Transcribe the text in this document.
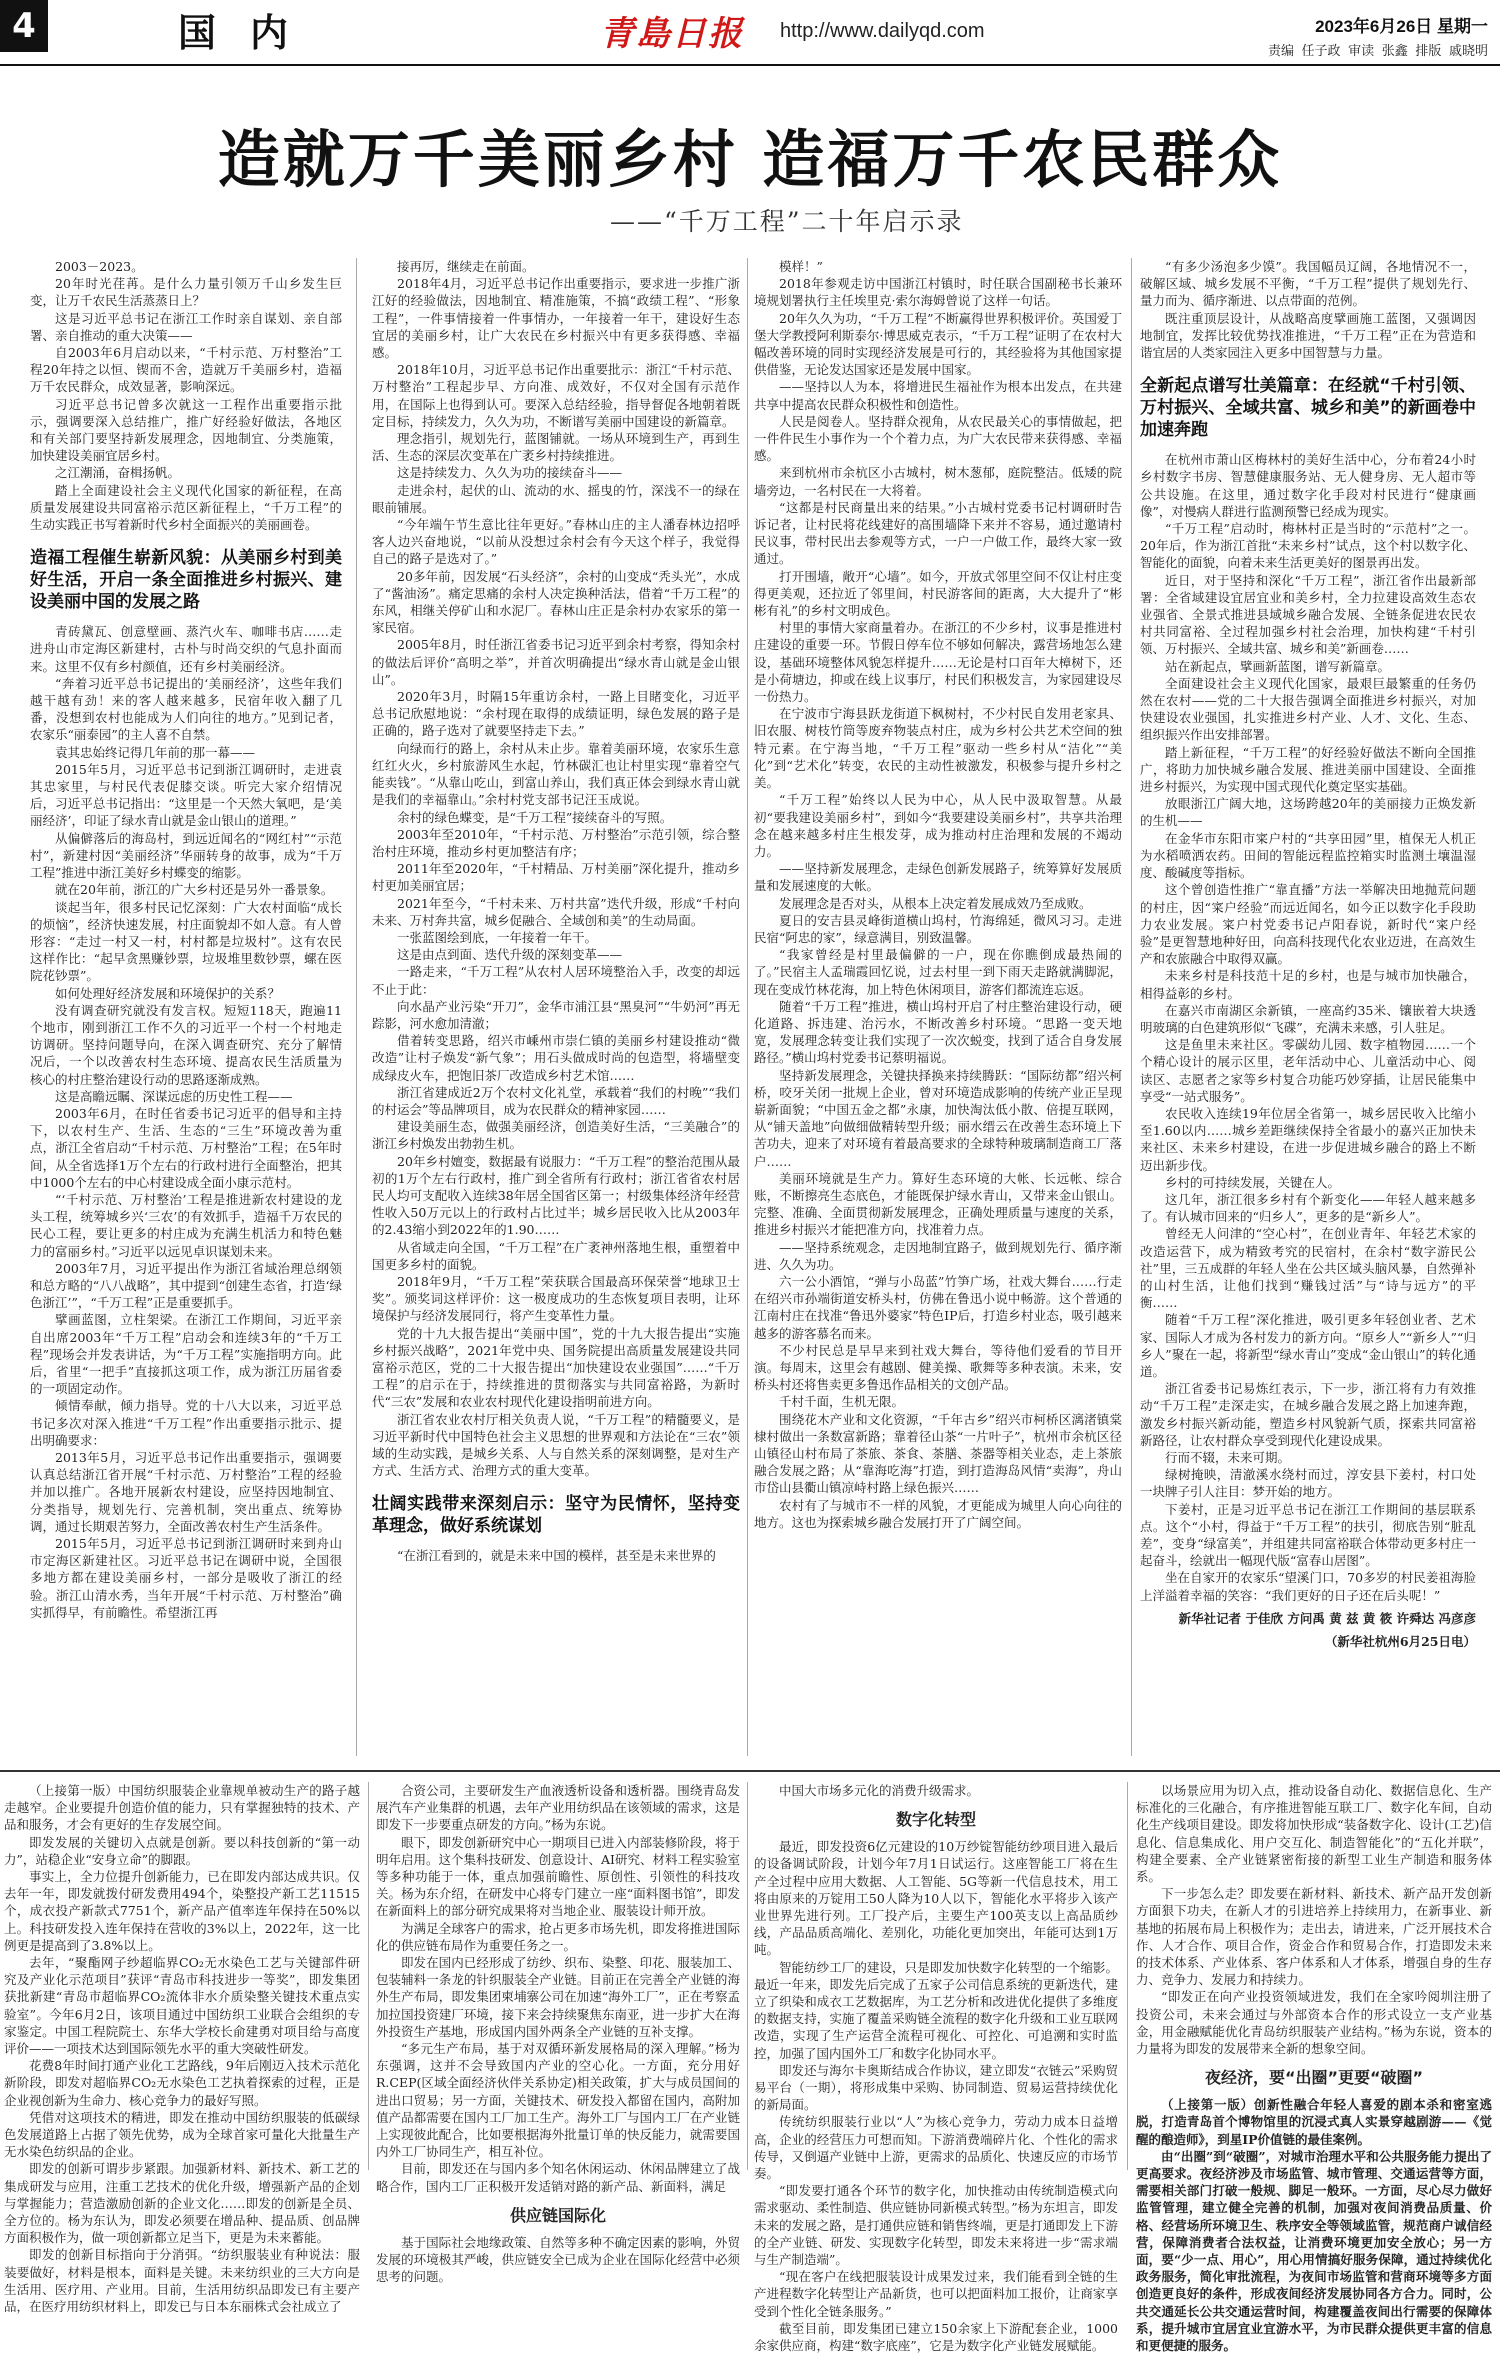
4	国内	青島日报 http://www.dailyqd.com	2023年6月26日 星期一
责编 任子政 审读 张鑫 排版 戚晓明
造就万千美丽乡村 造福万千农民群众
——“千万工程”二十年启示录

2003－2023。

20年时光荏苒。是什么力量引领万千山乡发生巨变，让万千农民生活蒸蒸日上？

这是习近平总书记在浙江工作时亲自谋划、亲自部署、亲自推动的重大决策——

自2003年6月启动以来，“千村示范、万村整治”工程20年持之以恒、锲而不舍，造就万千美丽乡村，造福万千农民群众，成效显著，影响深远。

习近平总书记曾多次就这一工程作出重要指示批示，强调要深入总结推广，推广好经验好做法，各地区和有关部门要坚持新发展理念，因地制宜、分类施策，加快建设美丽宜居乡村。

之江潮涌，奋楫扬帆。

踏上全面建设社会主义现代化国家的新征程，在高质量发展建设共同富裕示范区新征程上，“千万工程”的生动实践正书写着新时代乡村全面振兴的美丽画卷。

造福工程催生崭新风貌：从美丽乡村到美好生活，开启一条全面推进乡村振兴、建设美丽中国的发展之路

青砖黛瓦、创意壁画、蒸汽火车、咖啡书店……走进舟山市定海区新建村，古朴与时尚交织的气息扑面而来。这里不仅有乡村颜值，还有乡村美丽经济。

“奔着习近平总书记提出的‘美丽经济’，这些年我们越干越有劲！来的客人越来越多，民宿年收入翻了几番，没想到农村也能成为人们向往的地方。”见到记者，农家乐“丽泰园”的主人喜不自禁。

袁其忠始终记得几年前的那一幕——

2015年5月，习近平总书记到浙江调研时，走进袁其忠家里，与村民代表促膝交谈。听完大家介绍情况后，习近平总书记指出：“这里是一个天然大氧吧，是‘美丽经济’，印证了绿水青山就是金山银山的道理。”

从偏僻落后的海岛村，到远近闻名的“网红村”“示范村”，新建村因“美丽经济”华丽转身的故事，成为“千万工程”推进中浙江美好乡村蝶变的缩影。

就在20年前，浙江的广大乡村还是另外一番景象。

谈起当年，很多村民记忆深刻：广大农村面临“成长的烦恼”，经济快速发展，村庄面貌却不如人意。有人曾形容：“走过一村又一村，村村都是垃圾村”。这有农民这样作比：“起早贪黑赚钞票，垃圾堆里数钞票，螺在医院花钞票”。

如何处理好经济发展和环境保护的关系？

没有调查研究就没有发言权。短短118天，跑遍11个地市，刚到浙江工作不久的习近平一个村一个村地走访调研。坚持问题导向，在深入调查研究、充分了解情况后，一个以改善农村生态环境、提高农民生活质量为核心的村庄整治建设行动的思路逐渐成熟。

这是高瞻远瞩、深谋远虑的历史性工程——

2003年6月，在时任省委书记习近平的倡导和主持下，以农村生产、生活、生态的“三生”环境改善为重点，浙江全省启动“千村示范、万村整治”工程；在5年时间，从全省选择1万个左右的行政村进行全面整治，把其中1000个左右的中心村建设成全面小康示范村。

“‘千村示范、万村整治’工程是推进新农村建设的龙头工程，统筹城乡兴‘三农’的有效抓手，造福千万农民的民心工程，要让更多的村庄成为充满生机活力和特色魅力的富丽乡村。”习近平以远见卓识谋划未来。

2003年7月，习近平提出作为浙江省域治理总纲领和总方略的“八八战略”，其中提到“创建生态省，打造‘绿色浙江’”，“千万工程”正是重要抓手。

擘画蓝图，立柱架梁。在浙江工作期间，习近平亲自出席2003年“千万工程”启动会和连续3年的“千万工程”现场会并发表讲话，为“千万工程”实施指明方向。此后，省里“一把手”直接抓这项工作，成为浙江历届省委的一项固定动作。

倾情奉献，倾力指导。党的十八大以来，习近平总书记多次对深入推进“千万工程”作出重要指示批示、提出明确要求：

2013年5月，习近平总书记作出重要指示，强调要认真总结浙江省开展“千村示范、万村整治”工程的经验并加以推广。各地开展新农村建设，应坚持因地制宜、分类指导，规划先行、完善机制，突出重点、统筹协调，通过长期艰苦努力，全面改善农村生产生活条件。

2015年5月，习近平总书记到浙江调研时来到舟山市定海区新建社区。习近平总书记在调研中说，全国很多地方都在建设美丽乡村，一部分是吸收了浙江的经验。浙江山清水秀，当年开展“千村示范、万村整治”确实抓得早，有前瞻性。希望浙江再

接再厉，继续走在前面。

2018年4月，习近平总书记作出重要指示，要求进一步推广浙江好的经验做法，因地制宜、精准施策，不搞“政绩工程”、“形象工程”，一件事情接着一件事情办，一年接着一年干，建设好生态宜居的美丽乡村，让广大农民在乡村振兴中有更多获得感、幸福感。

2018年10月，习近平总书记作出重要批示：浙江“千村示范、万村整治”工程起步早、方向准、成效好，不仅对全国有示范作用，在国际上也得到认可。要深入总结经验，指导督促各地朝着既定目标，持续发力，久久为功，不断谱写美丽中国建设的新篇章。

理念指引，规划先行，蓝图铺就。一场从环境到生产，再到生活、生态的深层次变革在广袤乡村持续推进。

这是持续发力、久久为功的接续奋斗——

走进余村，起伏的山、流动的水、摇曳的竹，深浅不一的绿在眼前铺展。

“今年端午节生意比往年更好。”春林山庄的主人潘春林边招呼客人边兴奋地说，“以前从没想过余村会有今天这个样子，我觉得自己的路子是选对了。”

20多年前，因发展“石头经济”，余村的山变成“秃头光”，水成了“酱油汤”。痛定思痛的余村人决定换种活法，借着“千万工程”的东风，相继关停矿山和水泥厂。春林山庄正是余村办农家乐的第一家民宿。

2005年8月，时任浙江省委书记习近平到余村考察，得知余村的做法后评价“高明之举”，并首次明确提出“绿水青山就是金山银山”。

2020年3月，时隔15年重访余村，一路上目睹变化，习近平总书记欣慰地说：“余村现在取得的成绩证明，绿色发展的路子是正确的，路子选对了就要坚持走下去。”

向绿而行的路上，余村从未止步。靠着美丽环境，农家乐生意红红火火，乡村旅游风生水起，竹林碳汇也让村里实现“靠着空气能卖钱”。“从靠山吃山，到富山养山，我们真正体会到绿水青山就是我们的幸福靠山。”余村村党支部书记汪玉成说。

余村的绿色蝶变，是“千万工程”接续奋斗的写照。

2003年至2010年，“千村示范、万村整治”示范引领，综合整治村庄环境，推动乡村更加整洁有序；

2011年至2020年，“千村精品、万村美丽”深化提升，推动乡村更加美丽宜居；

2021年至今，“千村未来、万村共富”迭代升级，形成“千村向未来、万村奔共富，城乡促融合、全域创和美”的生动局面。

一张蓝图绘到底，一年接着一年干。

这是由点到面、迭代升级的深刻变革——

一路走来，“千万工程”从农村人居环境整治入手，改变的却远不止于此：

向水晶产业污染“开刀”，金华市浦江县“黑臭河”“牛奶河”再无踪影，河水愈加清澈；

借着转变思路，绍兴市嵊州市崇仁镇的美丽乡村建设推动“微改造”让村子焕发“新气象”；用石头做成时尚的包造型，将墙壁变成绿皮火车，把饱旧茶厂改造成乡村艺术馆……

浙江省建成近2万个农村文化礼堂，承载着“我们的村晚”“我们的村运会”等品牌项目，成为农民群众的精神家园……

建设美丽生态，做强美丽经济，创造美好生活，“三美融合”的浙江乡村焕发出勃勃生机。

20年乡村嬗变，数据最有说服力：“千万工程”的整治范围从最初的1万个左右行政村，推广到全省所有行政村；浙江省省农村居民人均可支配收入连续38年居全国省区第一；村级集体经济年经营性收入50万元以上的行政村占比过半；城乡居民收入比从2003年的2.43缩小到2022年的1.90……

从省域走向全国，“千万工程”在广袤神州落地生根，重塑着中国更多乡村的面貌。

2018年9月，“千万工程”荣获联合国最高环保荣誉“地球卫士奖”。颁奖词这样评价：这一极度成功的生态恢复项目表明，让环境保护与经济发展同行，将产生变革性力量。

党的十九大报告提出“美丽中国”，党的十九大报告提出“实施乡村振兴战略”，2021年党中央、国务院提出高质量发展建设共同富裕示范区，党的二十大报告提出“加快建设农业强国”……“千万工程”的启示在于，持续推进的贯彻落实与共同富裕路，为新时代“三农”发展和农业农村现代化建设指明前进方向。

浙江省农业农村厅相关负责人说，“千万工程”的精髓要义，是习近平新时代中国特色社会主义思想的世界观和方法论在“三农”领域的生动实践，是城乡关系、人与自然关系的深刻调整，是对生产方式、生活方式、治理方式的重大变革。

壮阔实践带来深刻启示：坚守为民情怀，坚持变革理念，做好系统谋划

“在浙江看到的，就是未来中国的模样，甚至是未来世界的

模样！”

2018年参观走访中国浙江村镇时，时任联合国副秘书长兼环境规划署执行主任埃里克·索尔海姆曾说了这样一句话。

20年久久为功，“千万工程”不断赢得世界积极评价。英国爱丁堡大学教授阿利斯泰尔·博思威克表示，“千万工程”证明了在农村大幅改善环境的同时实现经济发展是可行的，其经验将为其他国家提供借鉴，无论发达国家还是发展中国家。

——坚持以人为本，将增进民生福祉作为根本出发点，在共建共享中提高农民群众积极性和创造性。

人民是阅卷人。坚持群众视角，从农民最关心的事情做起，把一件件民生小事作为一个个着力点，为广大农民带来获得感、幸福感。

来到杭州市余杭区小古城村，树木葱郁，庭院整洁。低矮的院墙旁边，一名村民在一大将着。

“这都是村民商量出来的结果。”小古城村党委书记村调研时告诉记者，让村民将花线建好的高围墙降下来并不容易，通过邀请村民议事，带村民出去参观等方式，一户一户做工作，最终大家一致通过。

打开围墙，敞开“心墙”。如今，开放式邻里空间不仅让村庄变得更美观，还拉近了邻里间，村民游客间的距离，大大提升了“彬彬有礼”的乡村文明成色。

村里的事情大家商量着办。在浙江的不少乡村，议事是推进村庄建设的重要一环。节假日停车位不够如何解决，露营场地怎么建设，基础环境整体风貌怎样提升……无论是村口百年大樟树下，还是小荷塘边，抑或在线上议事厅，村民们积极发言，为家园建设尽一份热力。

在宁波市宁海县跃龙街道下枫树村，不少村民自发用老家具、旧农服、树枝竹筒等废弃物装点村庄，成为乡村公共艺术空间的独特元素。在宁海当地，“千万工程”驱动一些乡村从“洁化”“美化”到“艺术化”转变，农民的主动性被激发，积极参与提升乡村之美。

“千万工程”始终以人民为中心，从人民中汲取智慧。从最初“要我建设美丽乡村”，到如今“我要建设美丽乡村”，共享共治理念在越来越多村庄生根发芽，成为推动村庄治理和发展的不竭动力。

——坚持新发展理念，走绿色创新发展路子，统筹算好发展质量和发展速度的大帐。

发展理念是否对头，从根本上决定着发展成效乃至成败。

夏日的安吉县灵峰街道横山坞村，竹海绵延，微风习习。走进民宿“阿忠的家”，绿意满目，别致温馨。

“我家曾经是村里最偏僻的一户，现在你瞧倒成最热闹的了。”民宿主人孟瑞霞回忆说，过去村里一到下雨天走路就满脚泥，现在变成竹林花海，加上特色休闲项目，游客们都流连忘返。

随着“千万工程”推进，横山坞村开启了村庄整治建设行动，硬化道路、拆违建、治污水，不断改善乡村环境。“思路一变天地宽，发展理念转变让我们实现了一次次蜕变，找到了适合自身发展路径。”横山坞村党委书记蔡明福说。

坚持新发展理念，关键抉择换来持续腾跃：“国际纺都”绍兴柯桥，咬牙关闭一批规上企业，曾对环境造成影响的传统产业正呈现崭新面貌；“中国五金之都”永康，加快淘汰低小散、倍提互联网，从“铺天盖地”向做细做精转型升级；丽水缙云在改善生态环境上下苦功夫，迎来了对环境有着最高要求的全球特种玻璃制造商工厂落户……

美丽环境就是生产力。算好生态环境的大帐、长远帐、综合账，不断擦亮生态底色，才能既保护绿水青山，又带来金山银山。完整、准确、全面贯彻新发展理念，正确处理质量与速度的关系，推进乡村振兴才能把准方向，找准着力点。

——坚持系统观念，走因地制宜路子，做到规划先行、循序渐进、久久为功。

六一公小酒馆，“弹与小岛蓝”竹笋广场，社戏大舞台……行走在绍兴市孙端街道安桥头村，仿佛在鲁迅小说中畅游。这个普通的江南村庄在找准“鲁迅外婆家”特色IP后，打造乡村业态，吸引越来越多的游客慕名而来。

不少村民总是早早来到社戏大舞台，等待他们爱看的节目开演。每周末，这里会有越剧、健美操、歌舞等多种表演。未来，安桥头村还将售卖更多鲁迅作品相关的文创产品。

千村千面，生机无限。

围绕花木产业和文化资源，“千年古乡”绍兴市柯桥区漓渚镇棠棣村做出一条数富新路；靠着径山茶“一片叶子”，杭州市余杭区径山镇径山村布局了茶旅、茶食、茶膳、茶器等相关业态，走上茶旅融合发展之路；从“靠海吃海”打造，到打造海岛风情“卖海”，舟山市岱山县衢山镇凉峙村路上绿色振兴……

农村有了与城市不一样的风貌，才更能成为城里人向心向往的地方。这也为探索城乡融合发展打开了广阔空间。

“有多少汤泡多少馍”。我国幅员辽阔，各地情况不一，破解区域、城乡发展不平衡，“千万工程”提供了规划先行、量力而为、循序渐进、以点带面的范例。

既注重顶层设计，从战略高度擘画施工蓝图，又强调因地制宜，发挥比较优势找准推进，“千万工程”正在为营造和谐宜居的人类家园注入更多中国智慧与力量。

全新起点谱写壮美篇章：在经就“千村引领、万村振兴、全域共富、城乡和美”的新画卷中加速奔跑

在杭州市萧山区梅林村的美好生活中心，分布着24小时乡村数字书房、智慧健康服务站、无人健身房、无人超市等公共设施。在这里，通过数字化手段对村民进行“健康画像”，对慢病人群进行监测预警已经成为现实。

“千万工程”启动时，梅林村正是当时的“示范村”之一。20年后，作为浙江首批“未来乡村”试点，这个村以数字化、智能化的面貌，向着未来生活更美好的图景再出发。

近日，对于坚持和深化“千万工程”，浙江省作出最新部署：全省域建设宜居宜业和美乡村，全力拉建设高效生态农业强省、全景式推进县域城乡融合发展、全链条促进农民农村共同富裕、全过程加强乡村社会治理，加快构建“千村引领、万村振兴、全域共富、城乡和美”新画卷……

站在新起点，擘画新蓝图，谱写新篇章。

全面建设社会主义现代化国家，最艰巨最繁重的任务仍然在农村——党的二十大报告强调全面推进乡村振兴，对加快建设农业强国，扎实推进乡村产业、人才、文化、生态、组织振兴作出安排部署。

踏上新征程，“千万工程”的好经验好做法不断向全国推广，将助力加快城乡融合发展、推进美丽中国建设、全面推进乡村振兴，为实现中国式现代化奠定坚实基础。

放眼浙江广阔大地，这场跨越20年的美丽接力正焕发新的生机——

在金华市东阳市寀户村的“共享田园”里，植保无人机正为水稻喷洒农药。田间的智能远程监控箱实时监测土壤温湿度、酸碱度等指标。

这个曾创造性推广“靠直播”方法一举解决田地抛荒问题的村庄，因“寀户经验”而远近闻名，如今正以数字化手段助力农业发展。寀户村党委书记卢阳春说，新时代“寀户经验”是更智慧地种好田，向高科技现代化农业迈进，在高效生产和农旅融合中取得双赢。

未来乡村是科技范十足的乡村，也是与城市加快融合，相得益彰的乡村。

在嘉兴市南湖区余新镇，一座高约35米、镶嵌着大块透明玻璃的白色建筑形似“飞碟”，充满未来感，引人驻足。

这是鱼里未来社区。零碳幼儿园、数字植物园……一个个精心设计的展示区里，老年活动中心、儿童活动中心、阅读区、志愿者之家等乡村复合功能巧妙穿插，让居民能集中享受“一站式服务”。

农民收入连续19年位居全省第一，城乡居民收入比缩小至1.60以内……城乡差距继续保持全省最小的嘉兴正加快未来社区、未来乡村建设，在进一步促进城乡融合的路上不断迈出新步伐。

乡村的可持续发展，关键在人。

这几年，浙江很多乡村有个新变化——年轻人越来越多了。有认城市回来的“归乡人”，更多的是“新乡人”。

曾经无人问津的“空心村”，在创业青年、年轻艺术家的改造运营下，成为精致考究的民宿村，在余村“数字游民公社”里，三五成群的年轻人坐在公共区域头脑风暴，自然弹补的山村生活，让他们找到“赚钱过活”与“诗与远方”的平衡……

随着“千万工程”深化推进，吸引更多年轻创业者、艺术家、国际人才成为各村发力的新方向。“原乡人”“新乡人”“归乡人”聚在一起，将新型“绿水青山”变成“金山银山”的转化通道。

浙江省委书记易炼红表示，下一步，浙江将有力有效推动“千万工程”走深走实，在城乡融合发展之路上加速奔跑，激发乡村振兴新动能，塑造乡村风貌新气质，探索共同富裕新路径，让农村群众享受到现代化建设成果。

行而不辍，未来可期。

绿树掩映，清澈溪水绕村而过，淳安县下姜村，村口处一块牌子引人注目：梦开始的地方。

下姜村，正是习近平总书记在浙江工作期间的基层联系点。这个“小村，得益于“千万工程”的扶引，彻底告别“脏乱差”，变身“绿富美”，并组建共同富裕联合体带动更多村庄一起奋斗，绘就出一幅现代版“富春山居图”。

坐在自家开的农家乐“望溪门口，70多岁的村民姜祖海脸上洋溢着幸福的笑容：“我们更好的日子还在后头呢！”

新华社记者 于佳欣 方问禹 黄 兹 黄 筱 许舜达 冯彦彦

（新华社杭州6月25日电）

（上接第一版）中国纺织服装企业靠规单被动生产的路子越走越窄。企业要提升创造价值的能力，只有掌握独特的技术、产品和服务，才会有更好的生存发展空间。

即发发展的关键切入点就是创新。要以科技创新的“第一动力”，站稳企业“安身立命”的脚跟。

事实上，全力位提升创新能力，已在即发内部达成共识。仅去年一年，即发就拨付研发费用494个，染整投产新工艺11515个，成衣投产新款式7751个，新产品产值率连年保持在50%以上。科技研发投入连年保持在营收的3%以上，2022年，这一比例更是提高到了3.8%以上。

去年，“聚酯网子纱超临界CO₂无水染色工艺与关键部件研究及产业化示范项目”获评“青岛市科技进步一等奖”，即发集团获批新建“青岛市超临界CO₂流体非水介质染整关键技术重点实验室”。今年6月2日，该项目通过中国纺织工业联合会组织的专家鉴定。中国工程院院士、东华大学校长俞建勇对项目给与高度评价——一项技术达到国际领先水平的重大突破性研发。

花费8年时间打通产业化工艺路线，9年后刚迈入技术示范化新阶段，即发对超临界CO₂无水染色工艺执着探索的过程，正是企业视创新为生命力、核心竞争力的最好写照。

凭借对这项技术的精进，即发在推动中国纺织服装的低碳绿色发展道路上占据了领先优势，成为全球首家可量化大批量生产无水染色纺织品的企业。

即发的创新可谓步步紧跟。加强新材料、新技术、新工艺的集成研发与应用，注重工艺技术的优化升级，增强新产品的企划与掌握能力；营造激励创新的企业文化……即发的创新是全员、全方位的。杨为东认为，即发必须要在增品种、提品质、创品牌方面积极作为，做一项创新都立足当下，更是为未来蓄能。

即发的创新目标指向于分消弭。“纺织服装业有种说法：服装要做好，材料是根本，面料是关键。未来纺织业的三大方向是生活用、医疗用、产业用。目前，生活用纺织品即发已有主要产品，在医疗用纺织材料上，即发已与日本东丽株式会社成立了

合资公司，主要研发生产血液透析设备和透析器。围绕青岛发展汽车产业集群的机遇，去年产业用纺织品在该领域的需求，这是即发下一步要重点研发的方向。”杨为东说。

眼下，即发创新研究中心一期项目已进入内部装修阶段，将于明年启用。这个集科技研发、创意设计、AI研究、材料工程实验室等多种功能于一体，重点加强前瞻性、原创性、引领性的科技攻关。杨为东介绍，在研发中心将专门建立一座“面料图书馆”，即发在新面料上的部分研究成果将对当地企业、服装设计师开放。

为满足全球客户的需求，抢占更多市场先机，即发将推进国际化的供应链布局作为重要任务之一。

即发在国内已经形成了纺纱、织布、染整、印花、服装加工、包装辅料一条龙的针织服装全产业链。目前正在完善全产业链的海外生产布局，即发集团柬埔寨公司在加速“海外工厂”，正在考察孟加拉国投资建厂环境，接下来会持续聚焦东南亚，进一步扩大在海外投资生产基地，形成国内国外两条全产业链的互补支撑。

“多元生产布局，基于对双循环新发展格局的深入理解。”杨为东强调，这并不会导致国内产业的空心化。一方面，充分用好R.CEP(区域全面经济伙伴关系协定)相关政策，扩大与成员国间的进出口贸易；另一方面，关键技术、研发投入都留在国内，高附加值产品都需要在国内工厂加工生产。海外工厂与国内工厂在产业链上实现彼此配合，比如要根据海外批量订单的快反能力，就需要国内外工厂协同生产，相互补位。

目前，即发还在与国内多个知名休闲运动、休闲品牌建立了战略合作，国内工厂正积极开发适销对路的新产品、新面料，满足

供应链国际化

基于国际社会地缘政策、自然等多种不确定因素的影响，外贸发展的环境极其严峻，供应链安全已成为企业在国际化经营中必须思考的问题。

中国大市场多元化的消费升级需求。

数字化转型

最近，即发投资6亿元建设的10万纱锭智能纺纱项目进入最后的设备调试阶段，计划今年7月1日试运行。这座智能工厂将在生产全过程中应用大数据、人工智能、5G等新一代信息技术，用工将由原来的万锭用工50人降为10人以下，智能化水平将步入该产业世界先进行列。工厂投产后，主要生产100英支以上高品质纱线，产品品质高端化、差别化，功能化更加突出，年能可达到1万吨。

智能纺纱工厂的建设，只是即发加快数字化转型的一个缩影。最近一年来，即发先后完成了五家子公司信息系统的更新迭代，建立了织染和成衣工艺数据库，为工艺分析和改进优化提供了多维度的数据支持，实施了覆盖采购链全流程的数字化升级和工业互联网改造，实现了生产运营全流程可视化、可控化、可追溯和实时监控，加强了国内国外工厂和数字化协同水平。

即发还与海尔卡奥斯结成合作协议，建立即发“衣链云”采购贸易平台（一期），将形成集中采购、协同制造、贸易运营持续优化的新局面。

传统纺织服装行业以“人”为核心竞争力，劳动力成本日益增高，企业的经营压力可想而知。下游消费端碎片化、个性化的需求传导，又倒逼产业链中上游，更需求的品质化、快速反应的市场节奏。

“即发要打通各个环节的数字化，加快推动由传统制造模式向需求驱动、柔性制造、供应链协同新模式转型。”杨为东坦言，即发未来的发展之路，是打通供应链和销售终端，更是打通即发上下游的全产业链、研发、实现数字化转型，即发未来将进一步“需求端与生产制造端”。

“现在客户在线把服装设计成果发过来，我们能看到全链的生产进程数字化转型让产品新货，也可以把面料加工报价，让商家享受到个性化全链条服务。”

截至目前，即发集团已建立150余家上下游配套企业，1000余家供应商，构建“数字底座”，它是为数字化产业链发展赋能。

以场景应用为切入点，推动设备自动化、数据信息化、生产标准化的三化融合，有序推进智能互联工厂、数字化车间，自动化生产线项目建设。即发将加快形成“装备数字化、设计(工艺)信息化、信息集成化、用户交互化、制造智能化”的“五化并联”，构建全要素、全产业链紧密衔接的新型工业生产制造和服务体系。

下一步怎么走？即发要在新材料、新技术、新产品开发创新方面狠下功夫，在新人才的引进培养上持续用力，在新事业、新基地的拓展布局上积极作为；走出去，请进来，广泛开展技术合作、人才合作、项目合作，资金合作和贸易合作，打造即发未来的技术体系、产业体系、客户体系和人才体系，增强自身的生存力、竞争力、发展力和持续力。

“即发正在向产业投资领域进发，我们在全家吟阅圳注册了投资公司，未来会通过与外部资本合作的形式设立一支产业基金，用金融赋能优化青岛纺织服装产业结构。”杨为东说，资本的力量将为即发的发展带来全新的想象空间。

夜经济，要“出圈”更要“破圈”

（上接第一版）创新性融合年轻人喜爱的剧本杀和密室逃脱，打造青岛首个博物馆里的沉浸式真人实景穿越剧游——《觉醒的酿造师》，到星IP价值链的最佳案例。

由“出圈”到“破圈”，对城市治理水平和公共服务能力提出了更高要求。夜经济涉及市场监管、城市管理、交通运营等方面，需要相关部门打破一般规、脚足一般环。一方面，尽心尽力做好监管管理，建立健全完善的机制，加强对夜间消费品质量、价格、经营场所环境卫生、秩序安全等领域监管，规范商户诚信经营，保障消费者合法权益，让消费环境更加安全放心；另一方面，要“少一点、用心”，用心用情搞好服务保障，通过持续优化政务服务，简化审批流程，为夜间市场监管和营商环境等多方面创造更良好的条件，形成夜间经济发展协同各方合力。同时，公共交通延长公共交通运营时间，构建覆盖夜间出行需要的保障体系，提升城市宜居宜业宜游水平，为市民群众提供更丰富的信息和更便捷的服务。
